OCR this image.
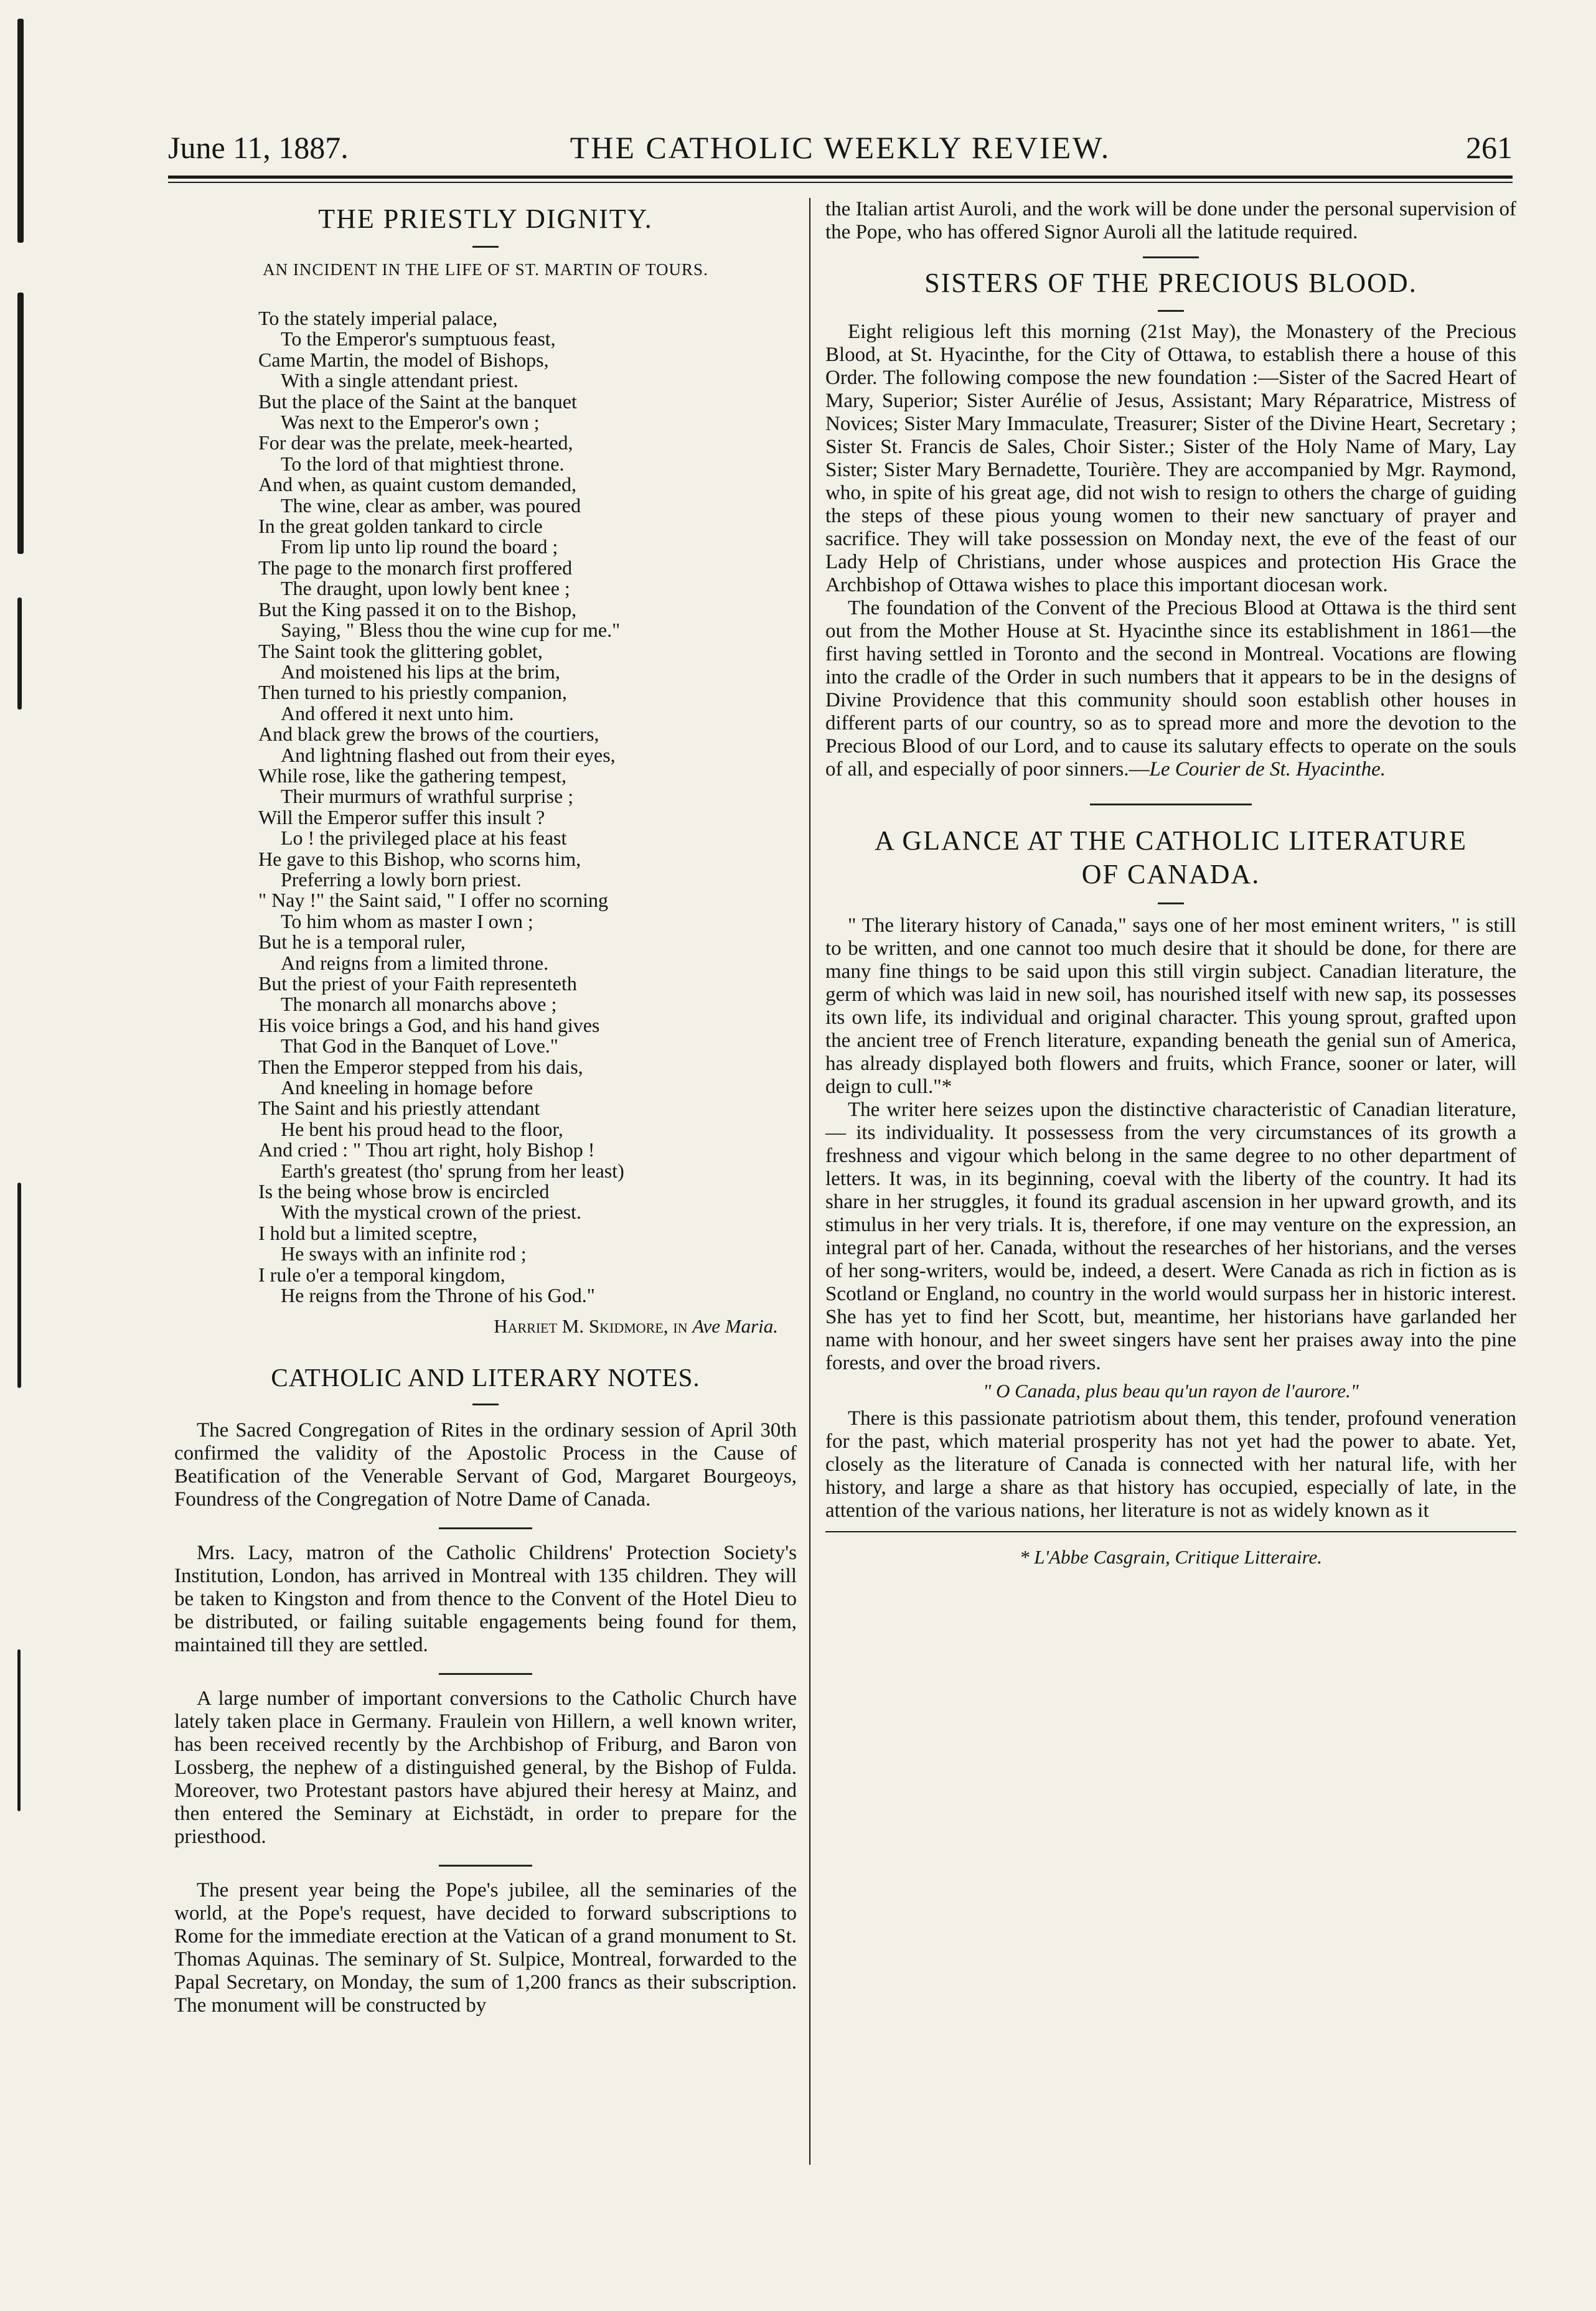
June 11, 1887.	THE CATHOLIC WEEKLY REVIEW.	261
THE PRIESTLY DIGNITY.
AN INCIDENT IN THE LIFE OF ST. MARTIN OF TOURS.
To the stately imperial palace,
To the Emperor's sumptuous feast,
Came Martin, the model of Bishops,
With a single attendant priest.
But the place of the Saint at the banquet
Was next to the Emperor's own ;
For dear was the prelate, meek-hearted,
To the lord of that mightiest throne.
And when, as quaint custom demanded,
The wine, clear as amber, was poured
In the great golden tankard to circle
From lip unto lip round the board ;
The page to the monarch first proffered
The draught, upon lowly bent knee ;
But the King passed it on to the Bishop,
Saying, " Bless thou the wine cup for me."
The Saint took the glittering goblet,
And moistened his lips at the brim,
Then turned to his priestly companion,
And offered it next unto him.
And black grew the brows of the courtiers,
And lightning flashed out from their eyes,
While rose, like the gathering tempest,
Their murmurs of wrathful surprise ;
Will the Emperor suffer this insult ?
Lo ! the privileged place at his feast
He gave to this Bishop, who scorns him,
Preferring a lowly born priest.
" Nay !" the Saint said, " I offer no scorning
To him whom as master I own ;
But he is a temporal ruler,
And reigns from a limited throne.
But the priest of your Faith representeth
The monarch all monarchs above ;
His voice brings a God, and his hand gives
That God in the Banquet of Love."
Then the Emperor stepped from his dais,
And kneeling in homage before
The Saint and his priestly attendant
He bent his proud head to the floor,
And cried : " Thou art right, holy Bishop !
Earth's greatest (tho' sprung from her least)
Is the being whose brow is encircled
With the mystical crown of the priest.
I hold but a limited sceptre,
He sways with an infinite rod ;
I rule o'er a temporal kingdom,
He reigns from the Throne of his God."
Harriet M. Skidmore, in Ave Maria.
CATHOLIC AND LITERARY NOTES.

The Sacred Congregation of Rites in the ordinary session of April 30th confirmed the validity of the Apostolic Process in the Cause of Beatification of the Venerable Servant of God, Margaret Bourgeoys, Foundress of the Congregation of Notre Dame of Canada.

Mrs. Lacy, matron of the Catholic Childrens' Protection Society's Institution, London, has arrived in Montreal with 135 children. They will be taken to Kingston and from thence to the Convent of the Hotel Dieu to be distributed, or failing suitable engagements being found for them, maintained till they are settled.

A large number of important conversions to the Catholic Church have lately taken place in Germany. Fraulein von Hillern, a well known writer, has been received recently by the Archbishop of Friburg, and Baron von Lossberg, the nephew of a distinguished general, by the Bishop of Fulda. Moreover, two Protestant pastors have abjured their heresy at Mainz, and then entered the Seminary at Eichstädt, in order to prepare for the priesthood.

The present year being the Pope's jubilee, all the seminaries of the world, at the Pope's request, have decided to forward subscriptions to Rome for the immediate erection at the Vatican of a grand monument to St. Thomas Aquinas. The seminary of St. Sulpice, Montreal, forwarded to the Papal Secretary, on Monday, the sum of 1,200 francs as their subscription. The monument will be constructed by

the Italian artist Auroli, and the work will be done under the personal supervision of the Pope, who has offered Signor Auroli all the latitude required.

SISTERS OF THE PRECIOUS BLOOD.

Eight religious left this morning (21st May), the Monastery of the Precious Blood, at St. Hyacinthe, for the City of Ottawa, to establish there a house of this Order. The following compose the new foundation :—Sister of the Sacred Heart of Mary, Superior; Sister Aurélie of Jesus, Assistant; Mary Réparatrice, Mistress of Novices; Sister Mary Immaculate, Treasurer; Sister of the Divine Heart, Secretary ; Sister St. Francis de Sales, Choir Sister.; Sister of the Holy Name of Mary, Lay Sister; Sister Mary Bernadette, Tourière. They are accompanied by Mgr. Raymond, who, in spite of his great age, did not wish to resign to others the charge of guiding the steps of these pious young women to their new sanctuary of prayer and sacrifice. They will take possession on Monday next, the eve of the feast of our Lady Help of Christians, under whose auspices and protection His Grace the Archbishop of Ottawa wishes to place this important diocesan work.

The foundation of the Convent of the Precious Blood at Ottawa is the third sent out from the Mother House at St. Hyacinthe since its establishment in 1861—the first having settled in Toronto and the second in Montreal. Vocations are flowing into the cradle of the Order in such numbers that it appears to be in the designs of Divine Providence that this community should soon establish other houses in different parts of our country, so as to spread more and more the devotion to the Precious Blood of our Lord, and to cause its salutary effects to operate on the souls of all, and especially of poor sinners.—Le Courier de St. Hyacinthe.

A GLANCE AT THE CATHOLIC LITERATURE OF CANADA.

" The literary history of Canada," says one of her most eminent writers, " is still to be written, and one cannot too much desire that it should be done, for there are many fine things to be said upon this still virgin subject. Canadian literature, the germ of which was laid in new soil, has nourished itself with new sap, its possesses its own life, its individual and original character. This young sprout, grafted upon the ancient tree of French literature, expanding beneath the genial sun of America, has already displayed both flowers and fruits, which France, sooner or later, will deign to cull."*

The writer here seizes upon the distinctive characteristic of Canadian literature, — its individuality. It possessess from the very circumstances of its growth a freshness and vigour which belong in the same degree to no other department of letters. It was, in its beginning, coeval with the liberty of the country. It had its share in her struggles, it found its gradual ascension in her upward growth, and its stimulus in her very trials. It is, therefore, if one may venture on the expression, an integral part of her. Canada, without the researches of her historians, and the verses of her song-writers, would be, indeed, a desert. Were Canada as rich in fiction as is Scotland or England, no country in the world would surpass her in historic interest. She has yet to find her Scott, but, meantime, her historians have garlanded her name with honour, and her sweet singers have sent her praises away into the pine forests, and over the broad rivers.

" O Canada, plus beau qu'un rayon de l'aurore."

There is this passionate patriotism about them, this tender, profound veneration for the past, which material prosperity has not yet had the power to abate. Yet, closely as the literature of Canada is connected with her natural life, with her history, and large a share as that history has occupied, especially of late, in the attention of the various nations, her literature is not as widely known as it

* L'Abbe Casgrain, Critique Litteraire.
